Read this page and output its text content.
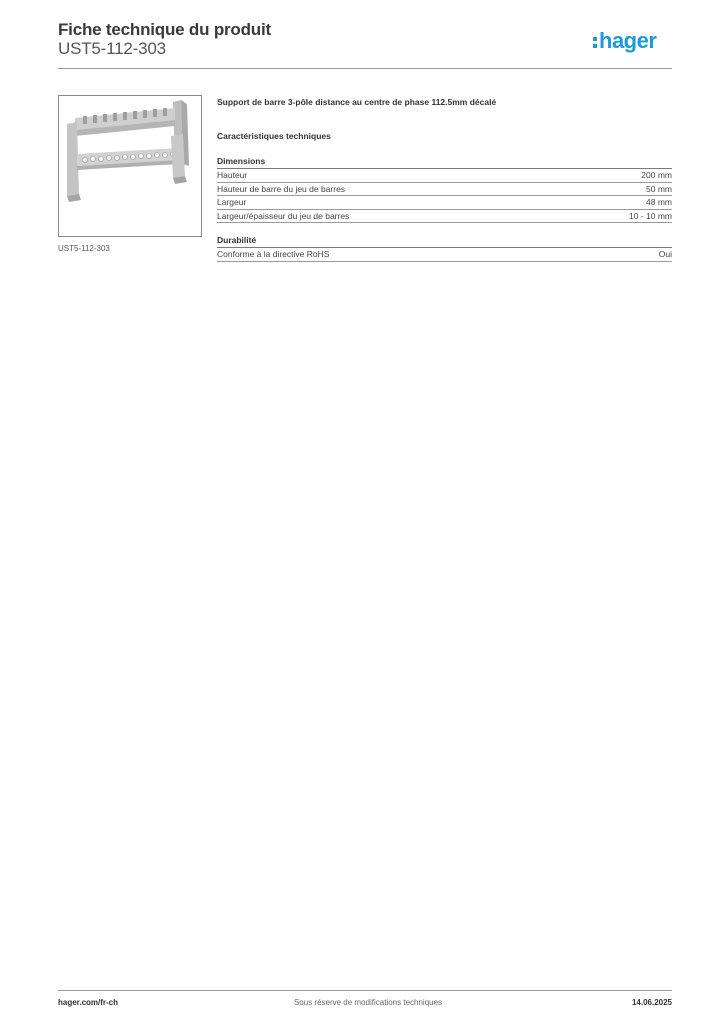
Fiche technique du produit
UST5-112-303	hager
UST5-112-303
Support de barre 3-pôle distance au centre de phase 112.5mm décalé
Caractéristiques techniques
Dimensions
Hauteur	200 mm
Hauteur de barre du jeu de barres	50 mm
Largeur	48 mm
Largeur/épaisseur du jeu de barres	10 - 10 mm
Durabilité
Conforme à la directive RoHS	Oui
hager.com/fr-ch	Sous réserve de modifications techniques	14.06.2025
